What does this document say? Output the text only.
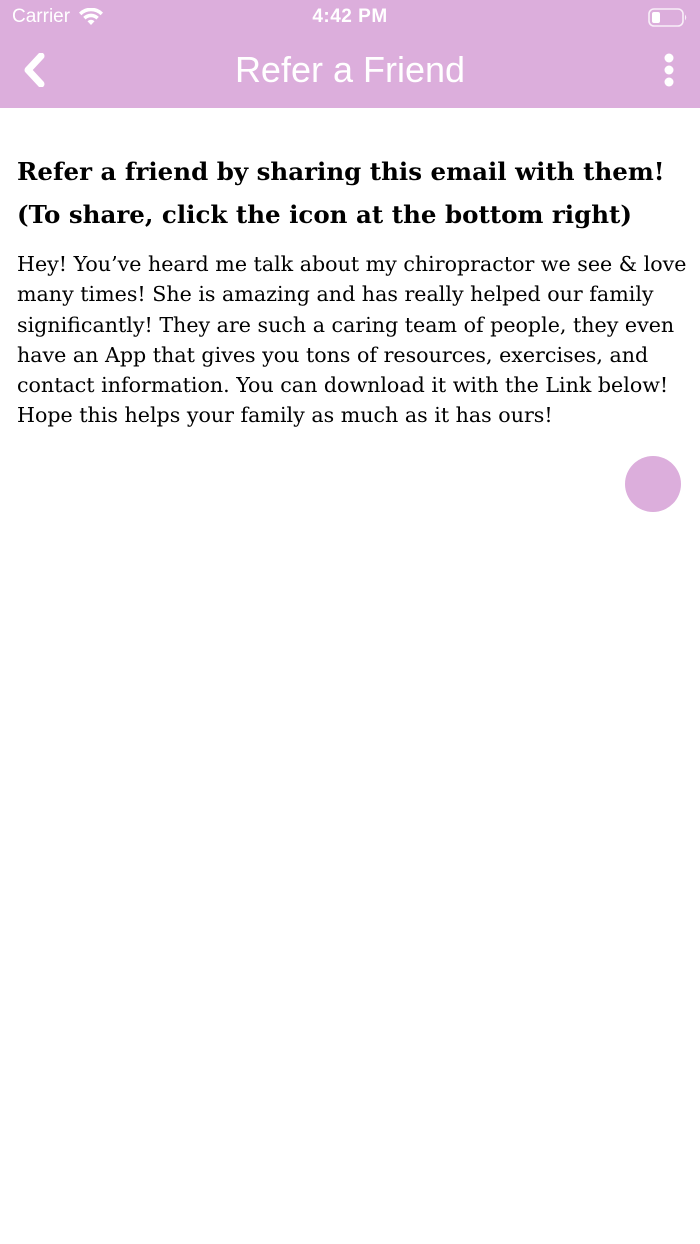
Carrier	4:42 PM
Refer a Friend

Refer a friend by sharing this email with them! (To share, click the icon at the bottom right)

Hey! You’ve heard me talk about my chiropractor we see & love many times! She is amazing and has really helped our family significantly! They are such a caring team of people, they even have an App that gives you tons of resources, exercises, and contact information. You can download it with the Link below! Hope this helps your family as much as it has ours!
